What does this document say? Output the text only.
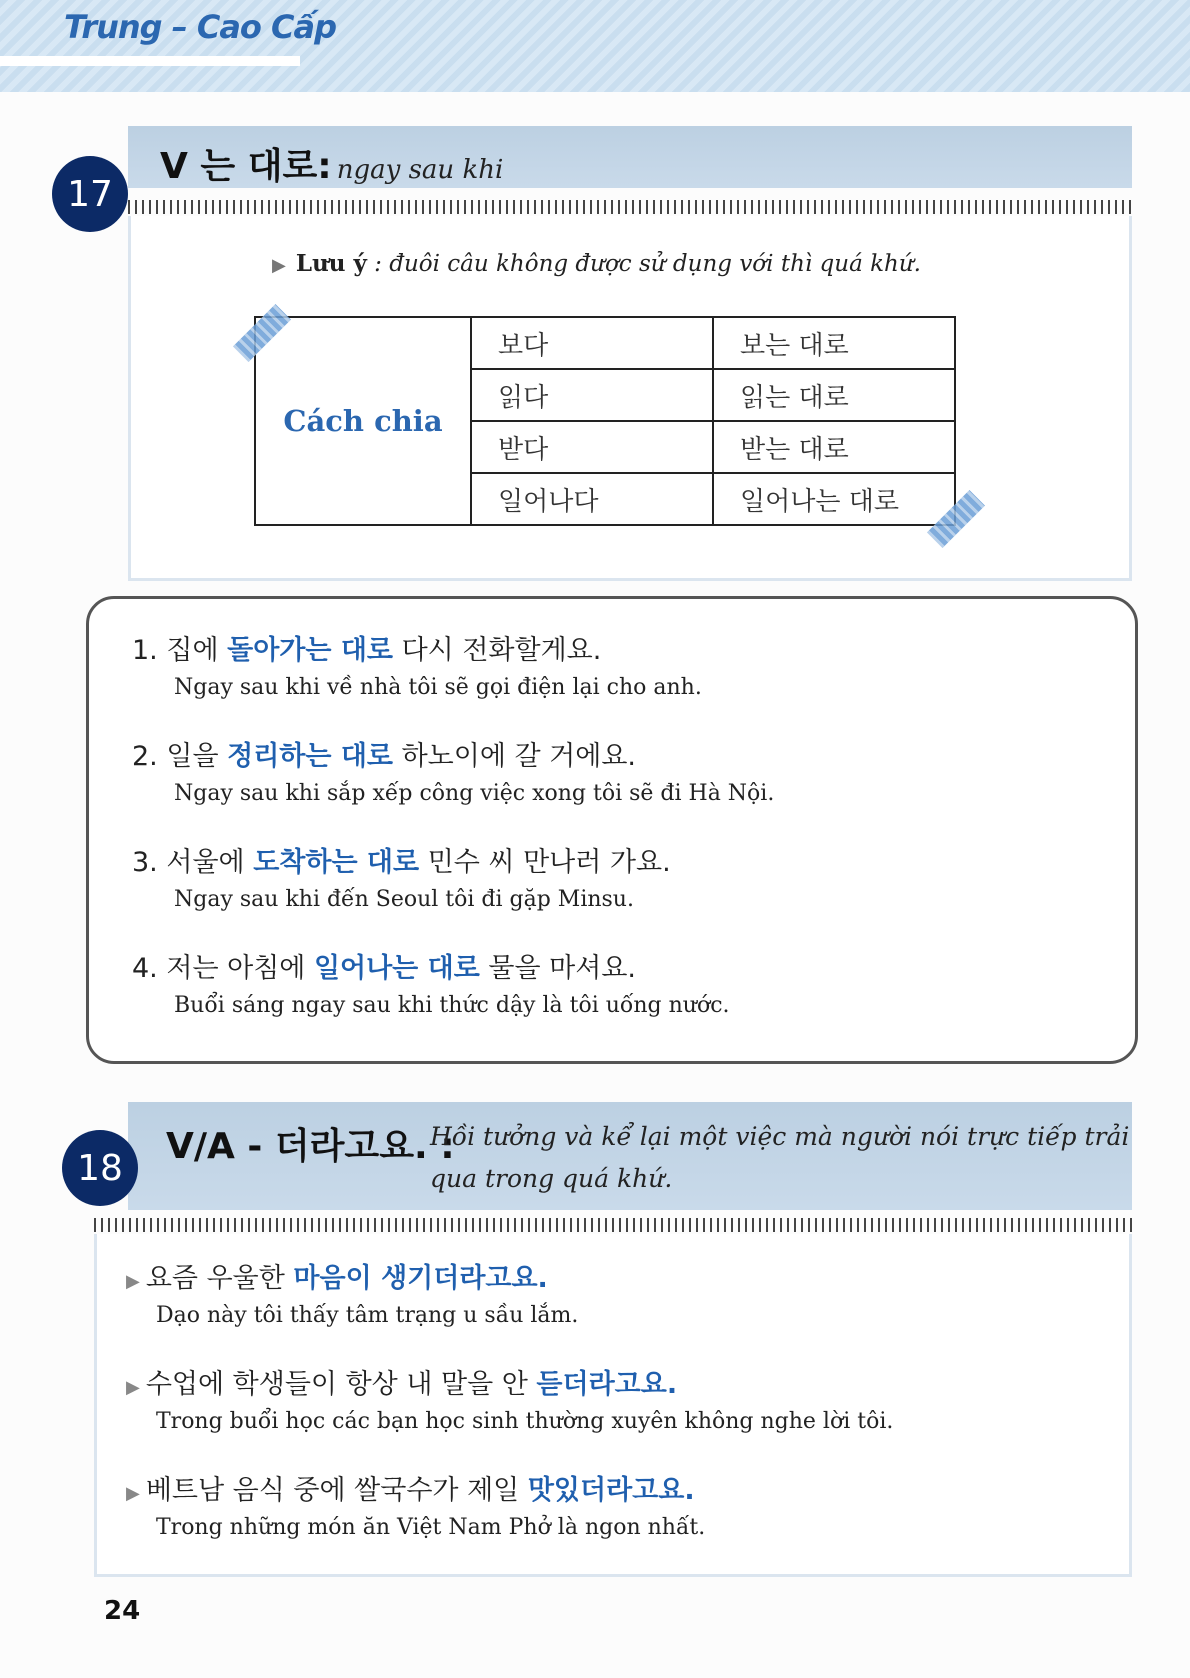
Trung – Cao Cấp
17
V 는 대로: ngay sau khi
▶ Lưu ý : đuôi câu không được sử dụng với thì quá khứ.
Cách chia	보다	보는 대로
	읽다	읽는 대로
	받다	받는 대로
	일어나다	일어나는 대로
1. 집에 돌아가는 대로 다시 전화할게요.
Ngay sau khi về nhà tôi sẽ gọi điện lại cho anh.
2. 일을 정리하는 대로 하노이에 갈 거에요.
Ngay sau khi sắp xếp công việc xong tôi sẽ đi Hà Nội.
3. 서울에 도착하는 대로 민수 씨 만나러 가요.
Ngay sau khi đến Seoul tôi đi gặp Minsu.
4. 저는 아침에 일어나는 대로 물을 마셔요.
Buổi sáng ngay sau khi thức dậy là tôi uống nước.
18
V/A - 더라고요. :
Hồi tưởng và kể lại một việc mà người nói trực tiếp trải
qua trong quá khứ.
▶ 요즘 우울한 마음이 생기더라고요.
Dạo này tôi thấy tâm trạng u sầu lắm.
▶ 수업에 학생들이 항상 내 말을 안 듣더라고요.
Trong buổi học các bạn học sinh thường xuyên không nghe lời tôi.
▶ 베트남 음식 중에 쌀국수가 제일 맛있더라고요.
Trong những món ăn Việt Nam Phở là ngon nhất.
24
